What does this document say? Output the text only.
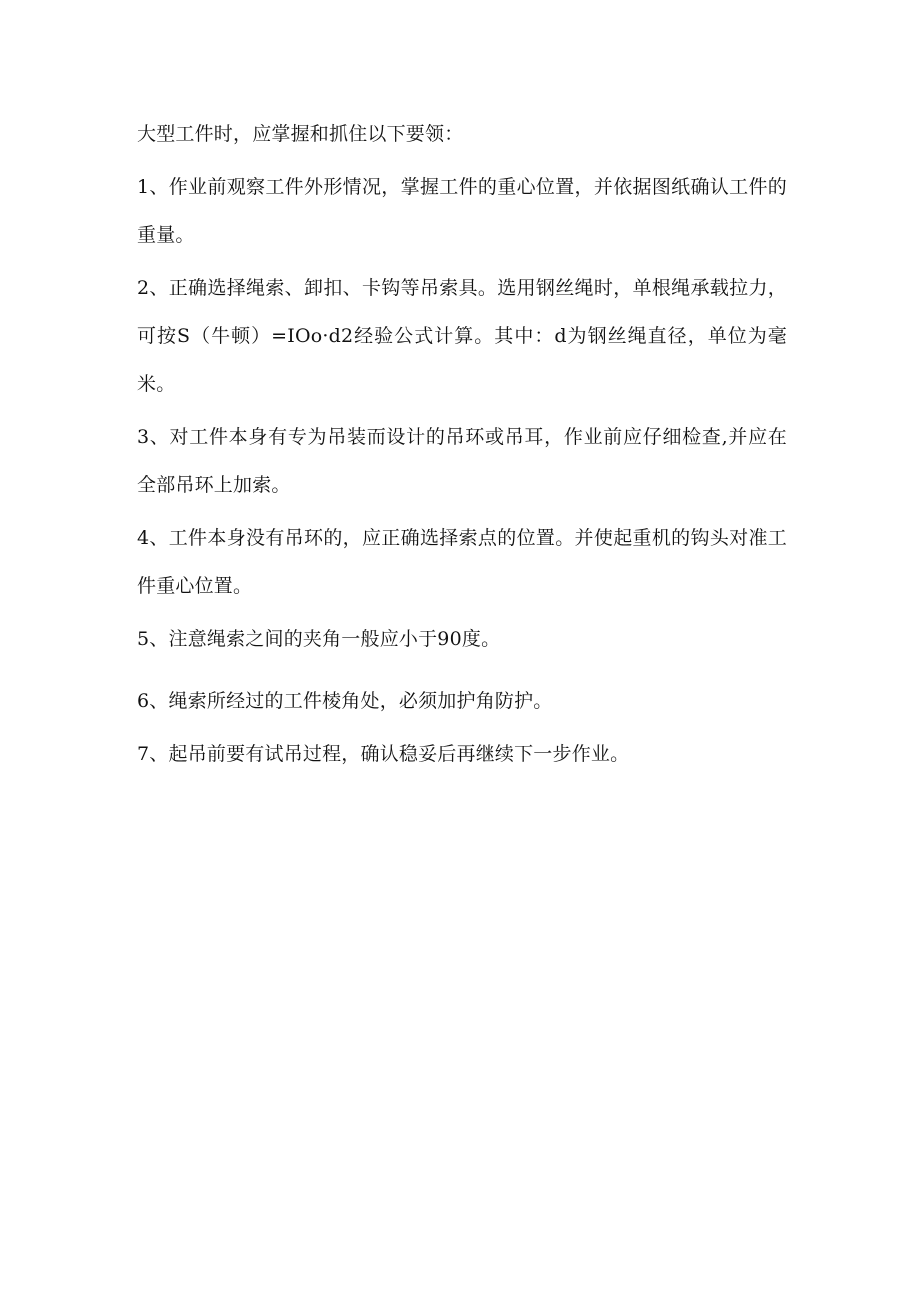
大型工件时，应掌握和抓住以下要领：

1、作业前观察工件外形情况，掌握工件的重心位置，并依据图纸确认工件的重量。

2、正确选择绳索、卸扣、卡钩等吊索具。选用钢丝绳时，单根绳承载拉力，可按S（牛顿）=IOo·d2经验公式计算。其中：d为钢丝绳直径，单位为毫米。

3、对工件本身有专为吊装而设计的吊环或吊耳，作业前应仔细检查,并应在全部吊环上加索。

4、工件本身没有吊环的，应正确选择索点的位置。并使起重机的钩头对准工件重心位置。

5、注意绳索之间的夹角一般应小于90度。

6、绳索所经过的工件棱角处，必须加护角防护。

7、起吊前要有试吊过程，确认稳妥后再继续下一步作业。
